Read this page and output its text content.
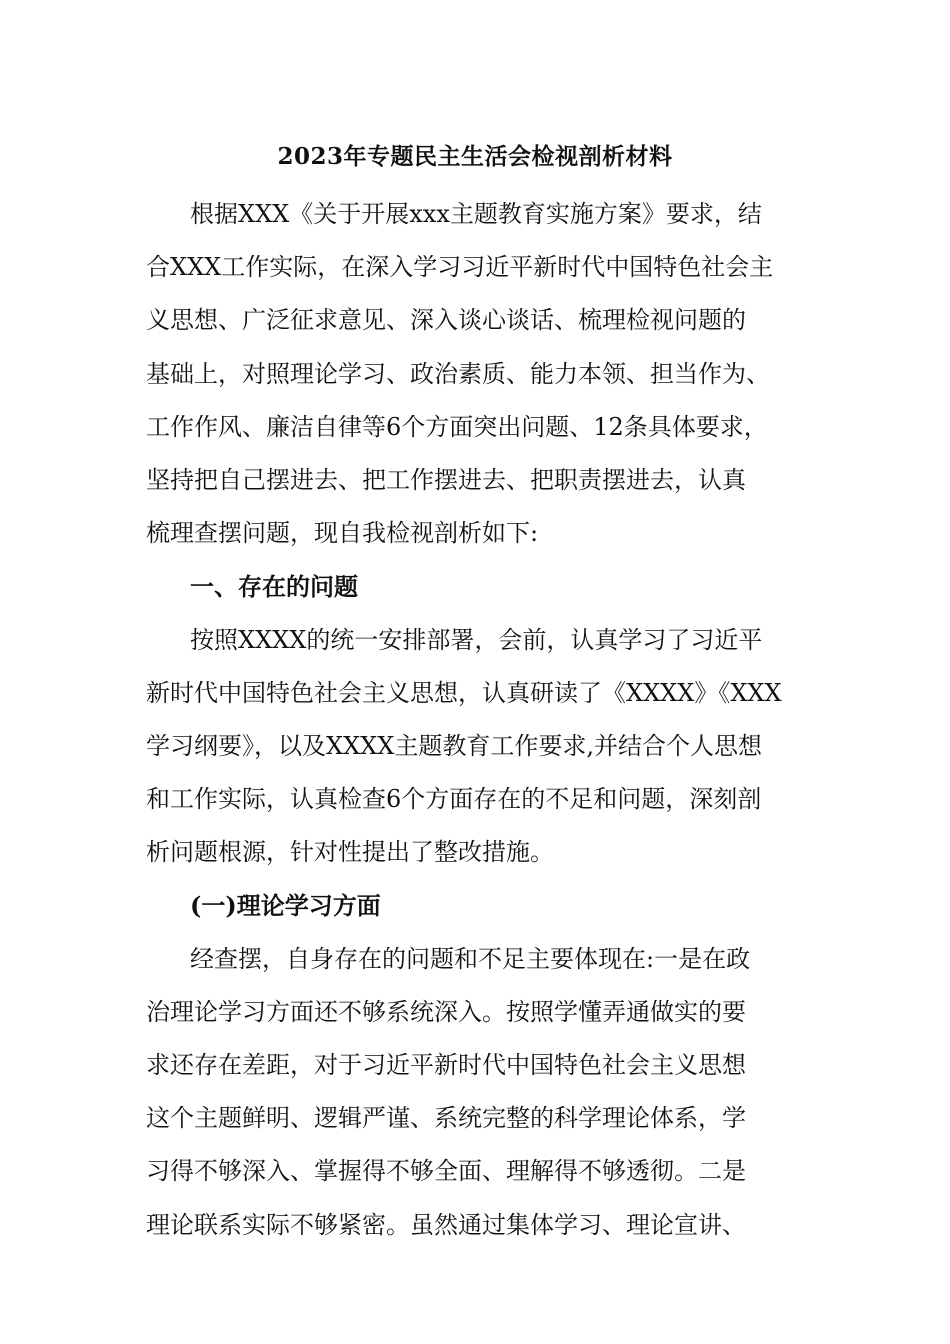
2023年专题民主生活会检视剖析材料
根据XXX《关于开展xxx主题教育实施方案》要求，结
合XXX工作实际，在深入学习习近平新时代中国特色社会主
义思想、广泛征求意见、深入谈心谈话、梳理检视问题的
基础上，对照理论学习、政治素质、能力本领、担当作为、
工作作风、廉洁自律等6个方面突出问题、12条具体要求，
坚持把自己摆进去、把工作摆进去、把职责摆进去，认真
梳理查摆问题，现自我检视剖析如下:
一、存在的问题
按照XXXX的统一安排部署，会前，认真学习了习近平
新时代中国特色社会主义思想，认真研读了《XXXX》《XXX
学习纲要》，以及XXXX主题教育工作要求,并结合个人思想
和工作实际，认真检查6个方面存在的不足和问题，深刻剖
析问题根源，针对性提出了整改措施。
(一)理论学习方面
经查摆，自身存在的问题和不足主要体现在:一是在政
治理论学习方面还不够系统深入。按照学懂弄通做实的要
求还存在差距，对于习近平新时代中国特色社会主义思想
这个主题鲜明、逻辑严谨、系统完整的科学理论体系，学
习得不够深入、掌握得不够全面、理解得不够透彻。二是
理论联系实际不够紧密。虽然通过集体学习、理论宣讲、
